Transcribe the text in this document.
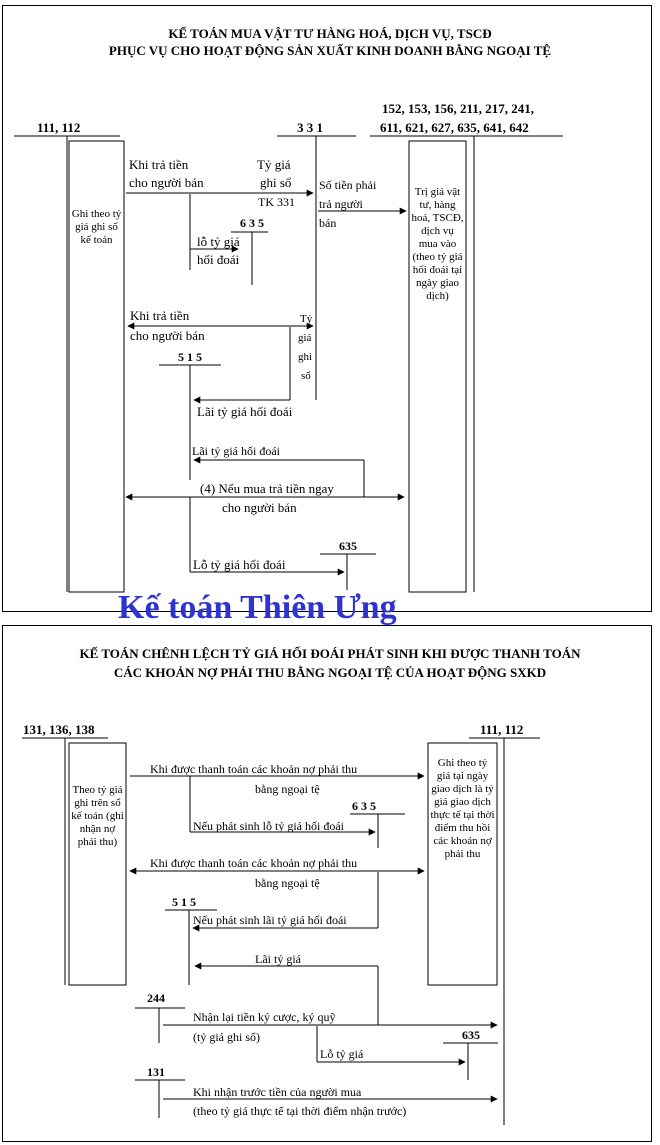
KẾ TOÁN MUA VẬT TƯ HÀNG HOÁ, DỊCH VỤ, TSCĐ
PHỤC VỤ CHO HOẠT ĐỘNG SẢN XUẤT KINH DOANH BẰNG NGOẠI TỆ
111, 112	3 3 1
152, 153, 156, 211, 217, 241,
611, 621, 627, 635, 641, 642
Ghi theo tỷ giá ghi sổ kế toán
Trị giá vật tư, hàng hoá, TSCĐ, dịch vụ mua vào (theo tỷ giá hối đoái tại ngày giao dịch)
Khi trả tiền
cho người bán
Tỷ giá
ghi sổ
TK 331
Số tiền phải
trả người
bán
6 3 5
lỗ tỷ giá
hối đoái
Khi trả tiền
cho người bán
Tỷ
giá
ghi
sổ
5 1 5
Lãi tỷ giá hối đoái
Lãi tỷ giá hối đoái
(4) Nếu mua trả tiền ngay
cho người bán
635
Lỗ tỷ giá hối đoái
Kế toán Thiên Ưng
KẾ TOÁN CHÊNH LỆCH TỶ GIÁ HỐI ĐOÁI PHÁT SINH KHI ĐƯỢC THANH TOÁN
CÁC KHOẢN NỢ PHẢI THU BẰNG NGOẠI TỆ CỦA HOẠT ĐỘNG SXKD
131, 136, 138	111, 112
Theo tỷ giá ghi trên sổ kế toán (ghi nhận nợ phải thu)
Ghi theo tỷ giá tại ngày giao dịch là tỷ giá giao dịch thực tế tại thời điểm thu hồi các khoản nợ phải thu
Khi được thanh toán các khoản nợ phải thu
bằng ngoại tệ
6 3 5
Nếu phát sinh lỗ tỷ giá hối đoái
Khi được thanh toán các khoản nợ phải thu
bằng ngoại tệ
5 1 5
Nếu phát sinh lãi tỷ giá hối đoái
Lãi tỷ giá
244
Nhận lại tiền ký cược, ký quỹ
(tỷ giá ghi sổ)	635
Lỗ tỷ giá
131
Khi nhận trước tiền của người mua
(theo tỷ giá thực tế tại thời điểm nhận trước)
